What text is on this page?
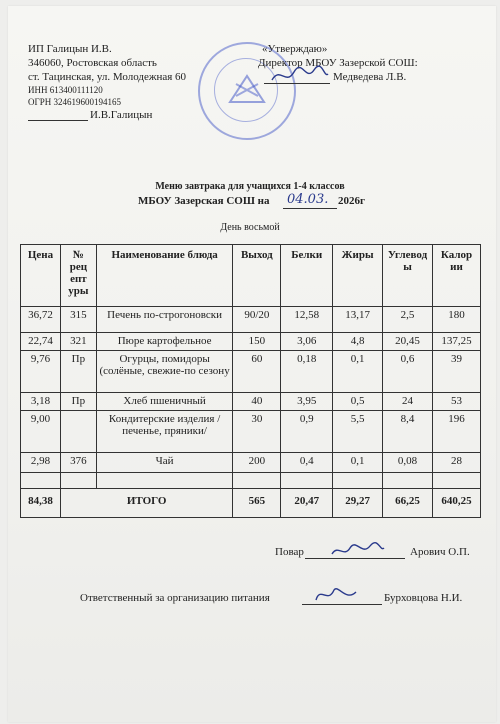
ИП Галицын И.В.
346060, Ростовская область
ст. Тацинская, ул. Молодежная 60
ИНН 613400111120
ОГРН 324619600194165
И.В.Галицын
«Утверждаю»
Директор МБОУ Зазерской СОШ:
Медведева Л.В.
Меню завтрака для учащихся 1-4 классов
МБОУ Зазерская СОШ на 04.03. 2026г
День восьмой
Цена	№ рец епт уры	Наименование блюда	Выход	Белки	Жиры	Углевод ы	Калор ии
36,72	315	Печень по-строгоновски	90/20	12,58	13,17	2,5	180
22,74	321	Пюре картофельное	150	3,06	4,8	20,45	137,25
9,76	Пр	Огурцы, помидоры (солёные, свежие-по сезону	60	0,18	0,1	0,6	39
3,18	Пр	Хлеб пшеничный	40	3,95	0,5	24	53
9,00		Кондитерские изделия /печенье, пряники/	30	0,9	5,5	8,4	196
2,98	376	Чай	200	0,4	0,1	0,08	28

84,38	ИТОГО		565	20,47	29,27	66,25	640,25
Повар	Арович О.П.
Ответственный за организацию питания	Бурховцова Н.И.
